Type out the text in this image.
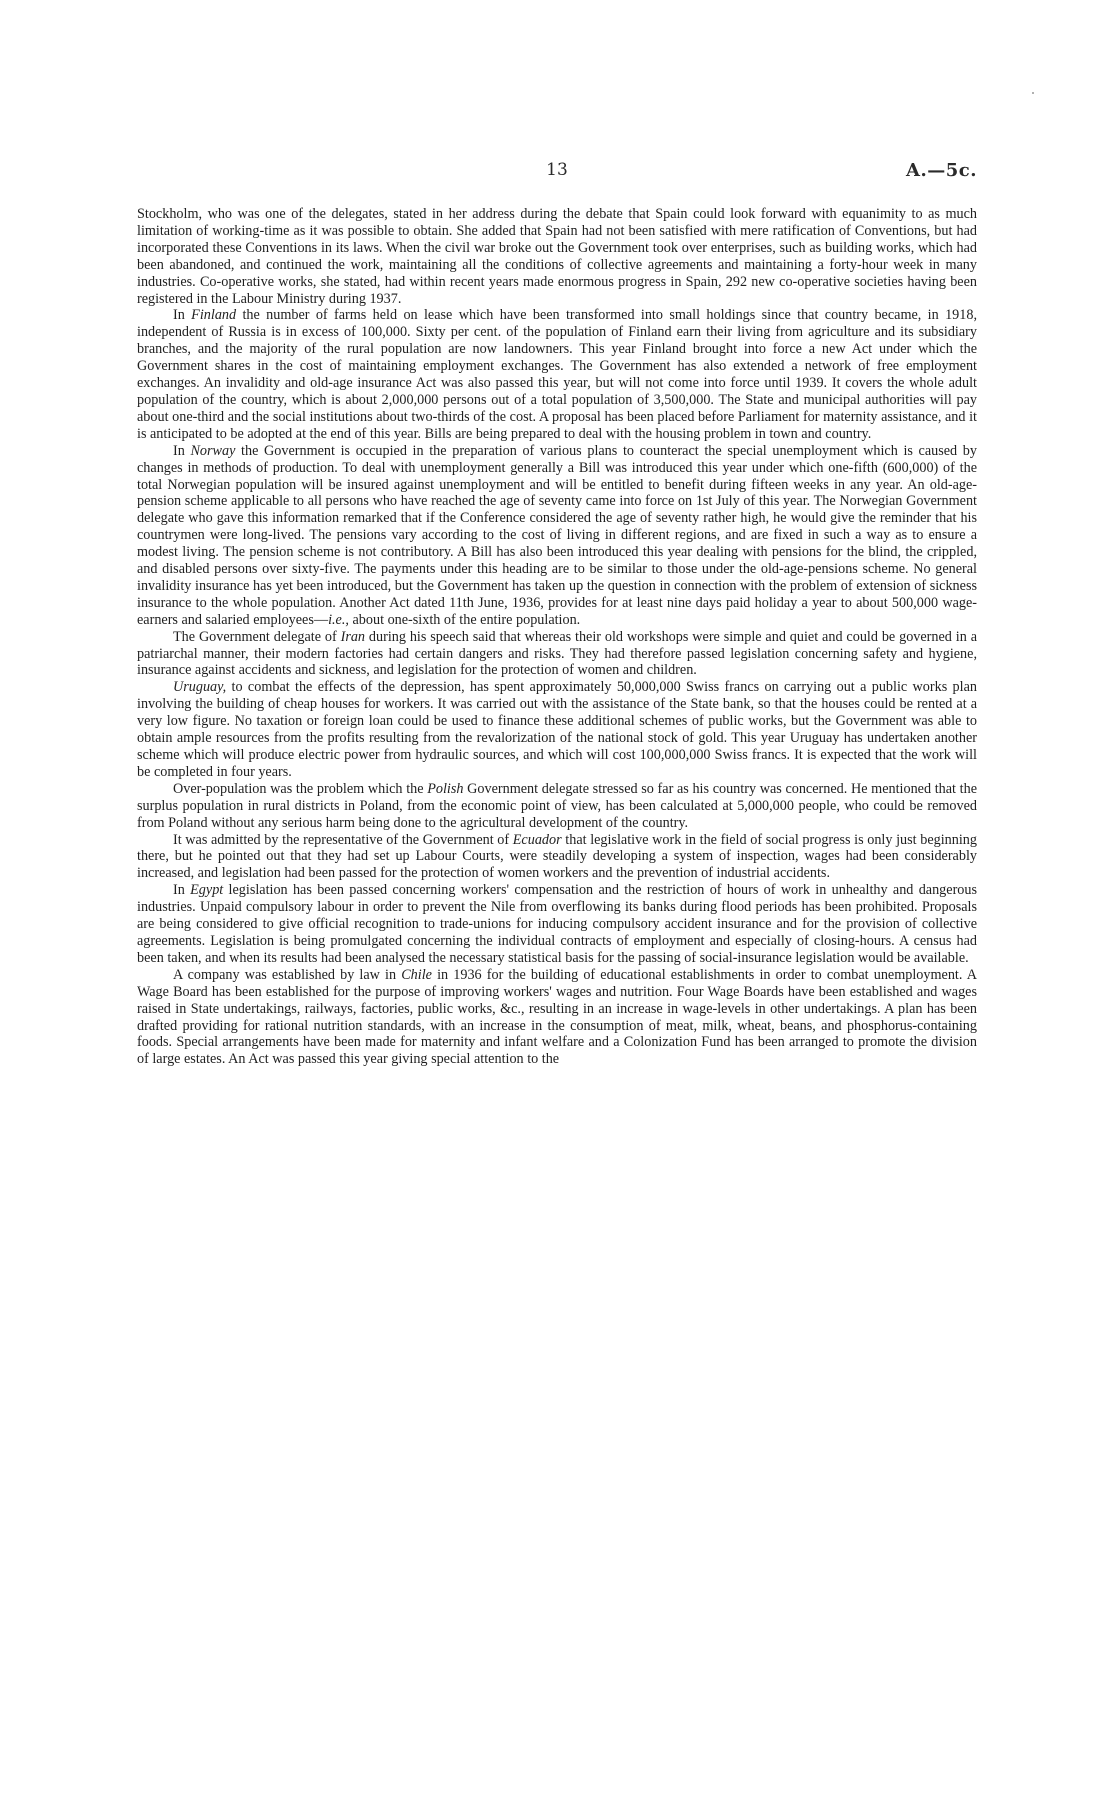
13	A.—5c.

Stockholm, who was one of the delegates, stated in her address during the debate that Spain could look forward with equanimity to as much limitation of working-time as it was possible to obtain. She added that Spain had not been satisfied with mere ratification of Conventions, but had incorporated these Conventions in its laws. When the civil war broke out the Government took over enterprises, such as building works, which had been abandoned, and continued the work, maintaining all the conditions of collective agreements and maintaining a forty-hour week in many industries. Co-operative works, she stated, had within recent years made enormous progress in Spain, 292 new co-operative societies having been registered in the Labour Ministry during 1937.

In Finland the number of farms held on lease which have been transformed into small holdings since that country became, in 1918, independent of Russia is in excess of 100,000. Sixty per cent. of the population of Finland earn their living from agriculture and its subsidiary branches, and the majority of the rural population are now landowners. This year Finland brought into force a new Act under which the Government shares in the cost of maintaining employment exchanges. The Government has also extended a network of free employment exchanges. An invalidity and old-age insurance Act was also passed this year, but will not come into force until 1939. It covers the whole adult population of the country, which is about 2,000,000 persons out of a total population of 3,500,000. The State and municipal authorities will pay about one-third and the social institutions about two-thirds of the cost. A proposal has been placed before Parliament for maternity assistance, and it is anticipated to be adopted at the end of this year. Bills are being prepared to deal with the housing problem in town and country.

In Norway the Government is occupied in the preparation of various plans to counteract the special unemployment which is caused by changes in methods of production. To deal with unemployment generally a Bill was introduced this year under which one-fifth (600,000) of the total Norwegian population will be insured against unemployment and will be entitled to benefit during fifteen weeks in any year. An old-age-pension scheme applicable to all persons who have reached the age of seventy came into force on 1st July of this year. The Norwegian Government delegate who gave this information remarked that if the Conference considered the age of seventy rather high, he would give the reminder that his countrymen were long-lived. The pensions vary according to the cost of living in different regions, and are fixed in such a way as to ensure a modest living. The pension scheme is not contributory. A Bill has also been introduced this year dealing with pensions for the blind, the crippled, and disabled persons over sixty-five. The payments under this heading are to be similar to those under the old-age-pensions scheme. No general invalidity insurance has yet been introduced, but the Government has taken up the question in connection with the problem of extension of sickness insurance to the whole population. Another Act dated 11th June, 1936, provides for at least nine days paid holiday a year to about 500,000 wage-earners and salaried employees—i.e., about one-sixth of the entire population.

The Government delegate of Iran during his speech said that whereas their old workshops were simple and quiet and could be governed in a patriarchal manner, their modern factories had certain dangers and risks. They had therefore passed legislation concerning safety and hygiene, insurance against accidents and sickness, and legislation for the protection of women and children.

Uruguay, to combat the effects of the depression, has spent approximately 50,000,000 Swiss francs on carrying out a public works plan involving the building of cheap houses for workers. It was carried out with the assistance of the State bank, so that the houses could be rented at a very low figure. No taxation or foreign loan could be used to finance these additional schemes of public works, but the Government was able to obtain ample resources from the profits resulting from the revalorization of the national stock of gold. This year Uruguay has undertaken another scheme which will produce electric power from hydraulic sources, and which will cost 100,000,000 Swiss francs. It is expected that the work will be completed in four years.

Over-population was the problem which the Polish Government delegate stressed so far as his country was concerned. He mentioned that the surplus population in rural districts in Poland, from the economic point of view, has been calculated at 5,000,000 people, who could be removed from Poland without any serious harm being done to the agricultural development of the country.

It was admitted by the representative of the Government of Ecuador that legislative work in the field of social progress is only just beginning there, but he pointed out that they had set up Labour Courts, were steadily developing a system of inspection, wages had been considerably increased, and legislation had been passed for the protection of women workers and the prevention of industrial accidents.

In Egypt legislation has been passed concerning workers' compensation and the restriction of hours of work in unhealthy and dangerous industries. Unpaid compulsory labour in order to prevent the Nile from overflowing its banks during flood periods has been prohibited. Proposals are being considered to give official recognition to trade-unions for inducing compulsory accident insurance and for the provision of collective agreements. Legislation is being promulgated concerning the individual contracts of employment and especially of closing-hours. A census had been taken, and when its results had been analysed the necessary statistical basis for the passing of social-insurance legislation would be available.

A company was established by law in Chile in 1936 for the building of educational establishments in order to combat unemployment. A Wage Board has been established for the purpose of improving workers' wages and nutrition. Four Wage Boards have been established and wages raised in State undertakings, railways, factories, public works, &c., resulting in an increase in wage-levels in other undertakings. A plan has been drafted providing for rational nutrition standards, with an increase in the consumption of meat, milk, wheat, beans, and phosphorus-containing foods. Special arrangements have been made for maternity and infant welfare and a Colonization Fund has been arranged to promote the division of large estates. An Act was passed this year giving special attention to the
